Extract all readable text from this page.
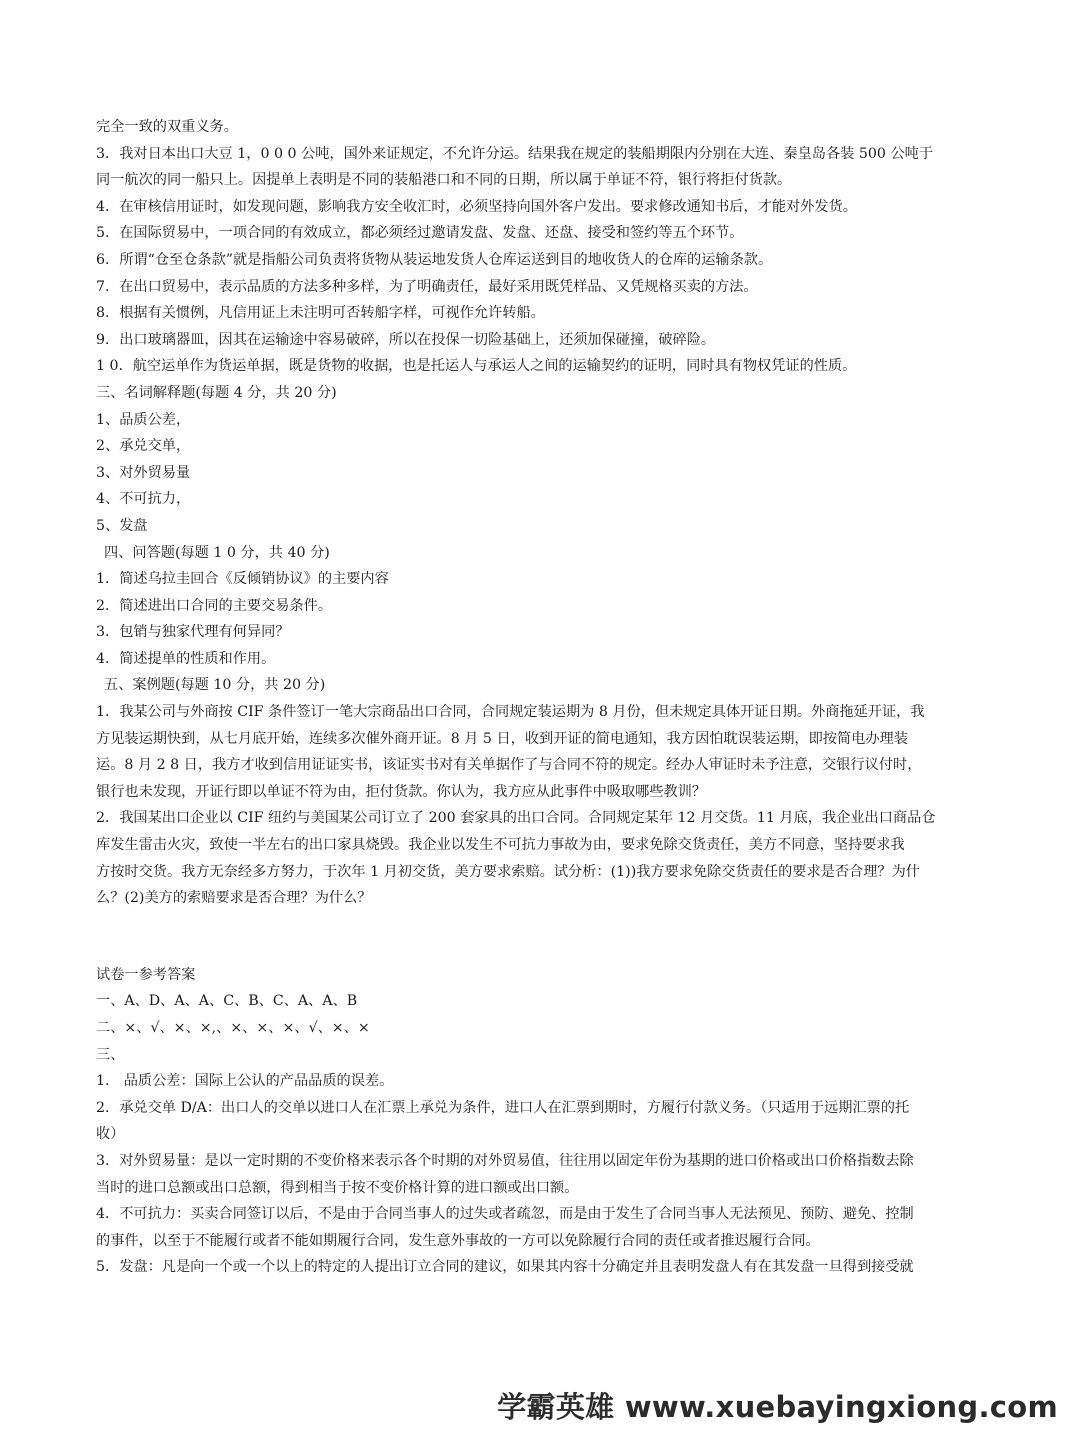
完全一致的双重义务。
3．我对日本出口大豆 1，0 0 0 公吨，国外来证规定，不允许分运。结果我在规定的装船期限内分别在大连、秦皇岛各装 500 公吨于
同一航次的同一船只上。因提单上表明是不同的装船港口和不同的日期，所以属于单证不符，银行将拒付货款。
4．在审核信用证时，如发现问题，影响我方安全收汇时，必须坚持向国外客户发出。要求修改通知书后，才能对外发货。
5．在国际贸易中，一项合同的有效成立，都必须经过邀请发盘、发盘、还盘、接受和签约等五个环节。
6．所谓“仓至仓条款”就是指船公司负责将货物从装运地发货人仓库运送到目的地收货人的仓库的运输条款。
7．在出口贸易中，表示品质的方法多种多样，为了明确责任，最好采用既凭样品、又凭规格买卖的方法。
8．根据有关惯例，凡信用证上未注明可否转船字样，可视作允许转船。
9．出口玻璃器皿，因其在运输途中容易破碎，所以在投保一切险基础上，还须加保碰撞，破碎险。
1 0．航空运单作为货运单据，既是货物的收据，也是托运人与承运人之间的运输契约的证明，同时具有物权凭证的性质。
三、名词解释题(每题 4 分，共 20 分)
1、品质公差，
2、承兑交单，
3、对外贸易量
4、不可抗力，
5、发盘
四、问答题(每题 1 0 分，共 40 分)
1．简述乌拉圭回合《反倾销协议》的主要内容
2．简述进出口合同的主要交易条件。
3．包销与独家代理有何异同？
4．简述提单的性质和作用。
五、案例题(每题 10 分，共 20 分)
1．我某公司与外商按 CIF 条件签订一笔大宗商品出口合同，合同规定装运期为 8 月份，但未规定具体开证日期。外商拖延开证，我
方见装运期快到，从七月底开始，连续多次催外商开证。8 月 5 日，收到开证的简电通知，我方因怕耽误装运期，即按简电办理装
运。8 月 2 8 日，我方才收到信用证证实书，该证实书对有关单据作了与合同不符的规定。经办人审证时未予注意，交银行议付时，
银行也未发现，开证行即以单证不符为由，拒付货款。你认为，我方应从此事件中吸取哪些教训？
2．我国某出口企业以 CIF 纽约与美国某公司订立了 200 套家具的出口合同。合同规定某年 12 月交货。11 月底，我企业出口商品仓
库发生雷击火灾，致使一半左右的出口家具烧毁。我企业以发生不可抗力事故为由，要求免除交货责任，美方不同意，坚持要求我
方按时交货。我方无奈经多方努力，于次年 1 月初交货，美方要求索赔。试分析：(1))我方要求免除交货责任的要求是否合理？为什
么？(2)美方的索赔要求是否合理？为什么？
试卷一参考答案
一、A、D、A、A、C、B、C、A、A、B
二、×、√、×、×,、×、×、×、√、×、×
三、
1． 品质公差：国际上公认的产品品质的误差。
2．承兑交单 D/A：出口人的交单以进口人在汇票上承兑为条件，进口人在汇票到期时，方履行付款义务。（只适用于远期汇票的托
收）
3．对外贸易量：是以一定时期的不变价格来表示各个时期的对外贸易值，往往用以固定年份为基期的进口价格或出口价格指数去除
当时的进口总额或出口总额，得到相当于按不变价格计算的进口额或出口额。
4．不可抗力：买卖合同签订以后，不是由于合同当事人的过失或者疏忽，而是由于发生了合同当事人无法预见、预防、避免、控制
的事件，以至于不能履行或者不能如期履行合同，发生意外事故的一方可以免除履行合同的责任或者推迟履行合同。
5．发盘：凡是向一个或一个以上的特定的人提出订立合同的建议，如果其内容十分确定并且表明发盘人有在其发盘一旦得到接受就
学霸英雄 www.xuebayingxiong.com
